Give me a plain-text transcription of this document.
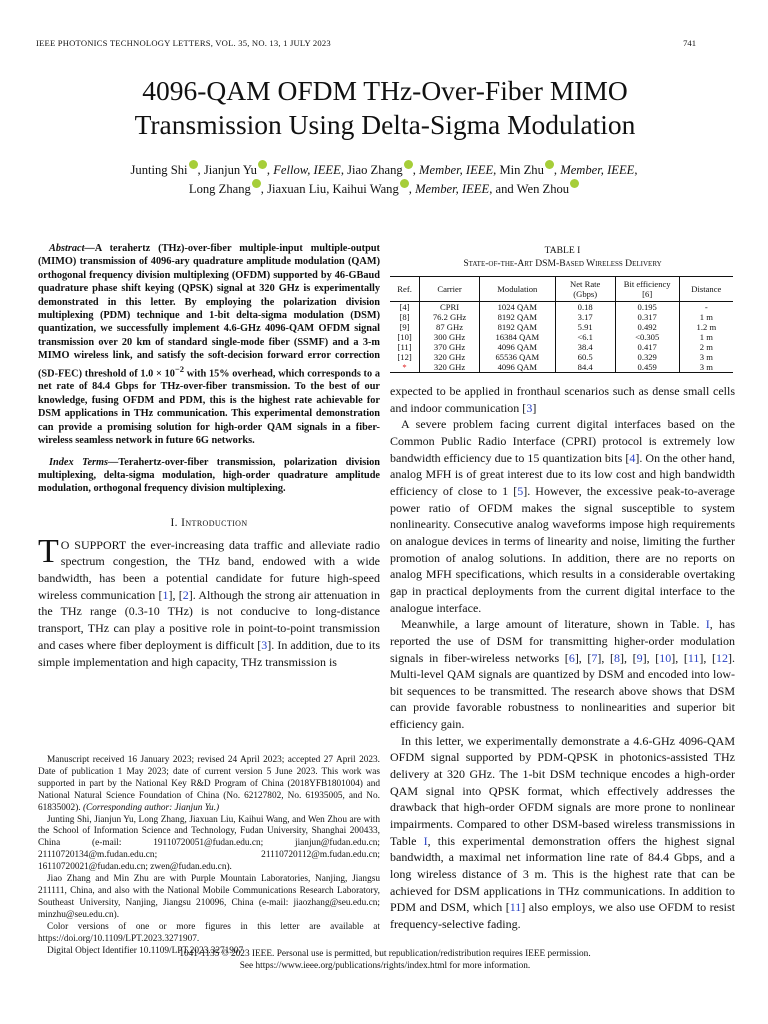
IEEE PHOTONICS TECHNOLOGY LETTERS, VOL. 35, NO. 13, 1 JULY 2023	741
4096-QAM OFDM THz-Over-Fiber MIMO
Transmission Using Delta-Sigma Modulation
Junting Shi , Jianjun Yu , Fellow, IEEE, Jiao Zhang , Member, IEEE, Min Zhu , Member, IEEE,
Long Zhang , Jiaxuan Liu, Kaihui Wang , Member, IEEE, and Wen Zhou

Abstract—A terahertz (THz)-over-fiber multiple-input multiple-output (MIMO) transmission of 4096-ary quadrature amplitude modulation (QAM) orthogonal frequency division multiplexing (OFDM) supported by 46-GBaud quadrature phase shift keying (QPSK) signal at 320 GHz is experimentally demonstrated in this letter. By employing the polarization division multiplexing (PDM) technique and 1-bit delta-sigma modulation (DSM) quantization, we successfully implement 4.6-GHz 4096-QAM OFDM signal transmission over 20 km of standard single-mode fiber (SSMF) and a 3-m MIMO wireless link, and satisfy the soft-decision forward error correction (SD-FEC) threshold of $1.0 \times 10^{-2}$ with 15% overhead, which corresponds to a net rate of 84.4 Gbps for THz-over-fiber transmission. To the best of our knowledge, fusing OFDM and PDM, this is the highest rate achievable for DSM applications in THz communication. This experimental demonstration can provide a promising solution for high-order QAM signals in a fiber-wireless seamless network in future 6G networks.

Index Terms—Terahertz-over-fiber transmission, polarization division multiplexing, delta-sigma modulation, high-order quadrature amplitude modulation, orthogonal frequency division multiplexing.

I. Introduction

T O SUPPORT the ever-increasing data traffic and alleviate radio spectrum congestion, the THz band, endowed with a wide bandwidth, has been a potential candidate for future high-speed wireless communication [1], [2]. Although the strong air attenuation in the THz range (0.3-10 THz) is not conducive to long-distance transport, THz can play a positive role in point-to-point transmission and cases where fiber deployment is difficult [3]. In addition, due to its simple implementation and high capacity, THz transmission is

Manuscript received 16 January 2023; revised 24 April 2023; accepted 27 April 2023. Date of publication 1 May 2023; date of current version 5 June 2023. This work was supported in part by the National Key R&D Program of China (2018YFB1801004) and National Natural Science Foundation of China (No. 62127802, No. 61935005, and No. 61835002). (Corresponding author: Jianjun Yu.)

Junting Shi, Jianjun Yu, Long Zhang, Jiaxuan Liu, Kaihui Wang, and Wen Zhou are with the School of Information Science and Technology, Fudan University, Shanghai 200433, China (e-mail: 19110720051@fudan.edu.cn; jianjun@fudan.edu.cn; 21110720134@m.fudan.edu.cn; 21110720112@m.fudan.edu.cn; 16110720021@fudan.edu.cn; zwen@fudan.edu.cn).

Jiao Zhang and Min Zhu are with Purple Mountain Laboratories, Nanjing, Jiangsu 211111, China, and also with the National Mobile Communications Research Laboratory, Southeast University, Nanjing, Jiangsu 210096, China (e-mail: jiaozhang@seu.edu.cn; minzhu@seu.edu.cn).

Color versions of one or more figures in this letter are available at https://doi.org/10.1109/LPT.2023.3271907.

Digital Object Identifier 10.1109/LPT.2023.3271907

TABLE I
State-of-the-Art DSM-Based Wireless Delivery
Ref.	Carrier	Modulation	Net Rate (Gbps)	Bit efficiency [6]	Distance
[4]	CPRI	1024 QAM	0.18	0.195	-
[8]	76.2 GHz	8192 QAM	3.17	0.317	1 m
[9]	87 GHz	8192 QAM	5.91	0.492	1.2 m
[10]	300 GHz	16384 QAM	<6.1	<0.305	1 m
[11]	370 GHz	4096 QAM	38.4	0.417	2 m
[12]	320 GHz	65536 QAM	60.5	0.329	3 m
*	320 GHz	4096 QAM	84.4	0.459	3 m

expected to be applied in fronthaul scenarios such as dense small cells and indoor communication [3]

A severe problem facing current digital interfaces based on the Common Public Radio Interface (CPRI) protocol is extremely low bandwidth efficiency due to 15 quantization bits [4]. On the other hand, analog MFH is of great interest due to its low cost and high bandwidth efficiency of close to 1 [5]. However, the excessive peak-to-average power ratio of OFDM makes the signal susceptible to system nonlinearity. Consecutive analog waveforms impose high requirements on analogue devices in terms of linearity and noise, limiting the further promotion of analog solutions. In addition, there are no reports on analog MFH specifications, which results in a considerable overtaking gap in practical deployments from the current digital interface to the analogue interface.

Meanwhile, a large amount of literature, shown in Table. I, has reported the use of DSM for transmitting higher-order modulation signals in fiber-wireless networks [6], [7], [8], [9], [10], [11], [12]. Multi-level QAM signals are quantized by DSM and encoded into low-bit sequences to be transmitted. The research above shows that DSM can provide favorable robustness to nonlinearities and superior bit efficiency gain.

In this letter, we experimentally demonstrate a 4.6-GHz 4096-QAM OFDM signal supported by PDM-QPSK in photonics-assisted THz delivery at 320 GHz. The 1-bit DSM technique encodes a high-order QAM signal into QPSK format, which effectively addresses the drawback that high-order OFDM signals are more prone to nonlinear impairments. Compared to other DSM-based wireless transmissions in Table I, this experimental demonstration offers the highest signal bandwidth, a maximal net information line rate of 84.4 Gbps, and a long wireless distance of 3 m. This is the highest rate that can be achieved for DSM applications in THz communications. In addition to PDM and DSM, which [11] also employs, we also use OFDM to resist frequency-selective fading.

1041-1135 © 2023 IEEE. Personal use is permitted, but republication/redistribution requires IEEE permission.
See https://www.ieee.org/publications/rights/index.html for more information.
